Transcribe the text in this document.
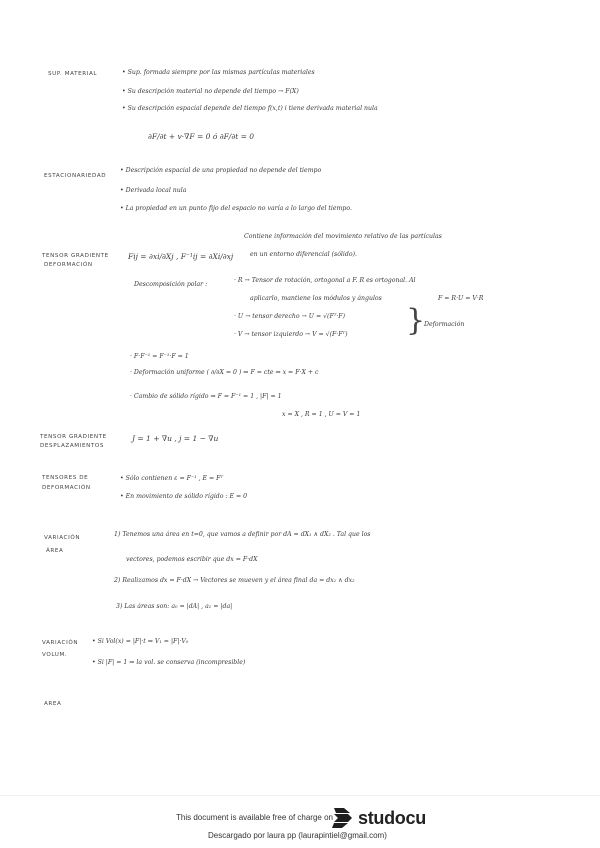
SUP. MATERIAL	• Sup. formada siempre por las mismas partículas materiales
• Su descripción material no depende del tiempo → F(X)
• Su descripción espacial depende del tiempo f(x,t) i tiene derivada material nula
∂F/∂t + v·∇F = 0 ó ∂F/∂t = 0
ESTACIONARIEDAD
• Descripción espacial de una propiedad no depende del tiempo
• Derivada local nula
• La propiedad en un punto fijo del espacio no varía a lo largo del tiempo.
TENSOR GRADIENTE
DEFORMACIÓN
Fij = ∂xi/∂Xj , F⁻¹ij = ∂Xi/∂xj
Contiene información del movimiento relativo de las partículas
en un entorno diferencial (sólido).
Descomposición polar :
· R → Tensor de rotación, ortogonal a F. R es ortogonal. Al
aplicarlo, mantiene los módulos y ángulos	F = R·U = V·R
· U → tensor derecho → U = √(Fᵀ·F)
· V → tensor izquierdo → V = √(F·Fᵀ) }
Deformación
· F·F⁻¹ = F⁻¹·F = 1
· Deformación uniforme ( ∂/∂X = 0 ) ⇒ F = cte ⇒ x = F·X + c
· Cambio de sólido rígido ⇒ F = F⁻¹ = 1 , |F| = 1
x = X , R = 1 , U = V = 1
TENSOR GRADIENTE
DESPLAZAMIENTOS
J = 1 + ∇u , j = 1 − ∇u
TENSORES DE
DEFORMACIÓN
• Sólo contienen ε = F⁻¹ , E = Fᵀ
• En movimiento de sólido rígido : E = 0
VARIACIÓN
ÁREA
1) Tenemos una área en t=0, que vamos a definir por dA = dX₁ ∧ dX₂ . Tal que los
vectores, podemos escribir que dx = F·dX
2) Realizamos dx = F·dX → Vectores se mueven y el área final da = dx₁ ∧ dx₂
3) Las áreas son: a₀ = |dA| , a₁ = |da|
VARIACIÓN
VOLUM.
• Si Vol(x) = |F|·t ⇒ V₁ = |F|·V₀
• Si |F| = 1 ⇒ la vol. se conserva (incompresible)
AREA
This document is available free of charge on studocu
Descargado por laura pp (laurapintiel@gmail.com)
